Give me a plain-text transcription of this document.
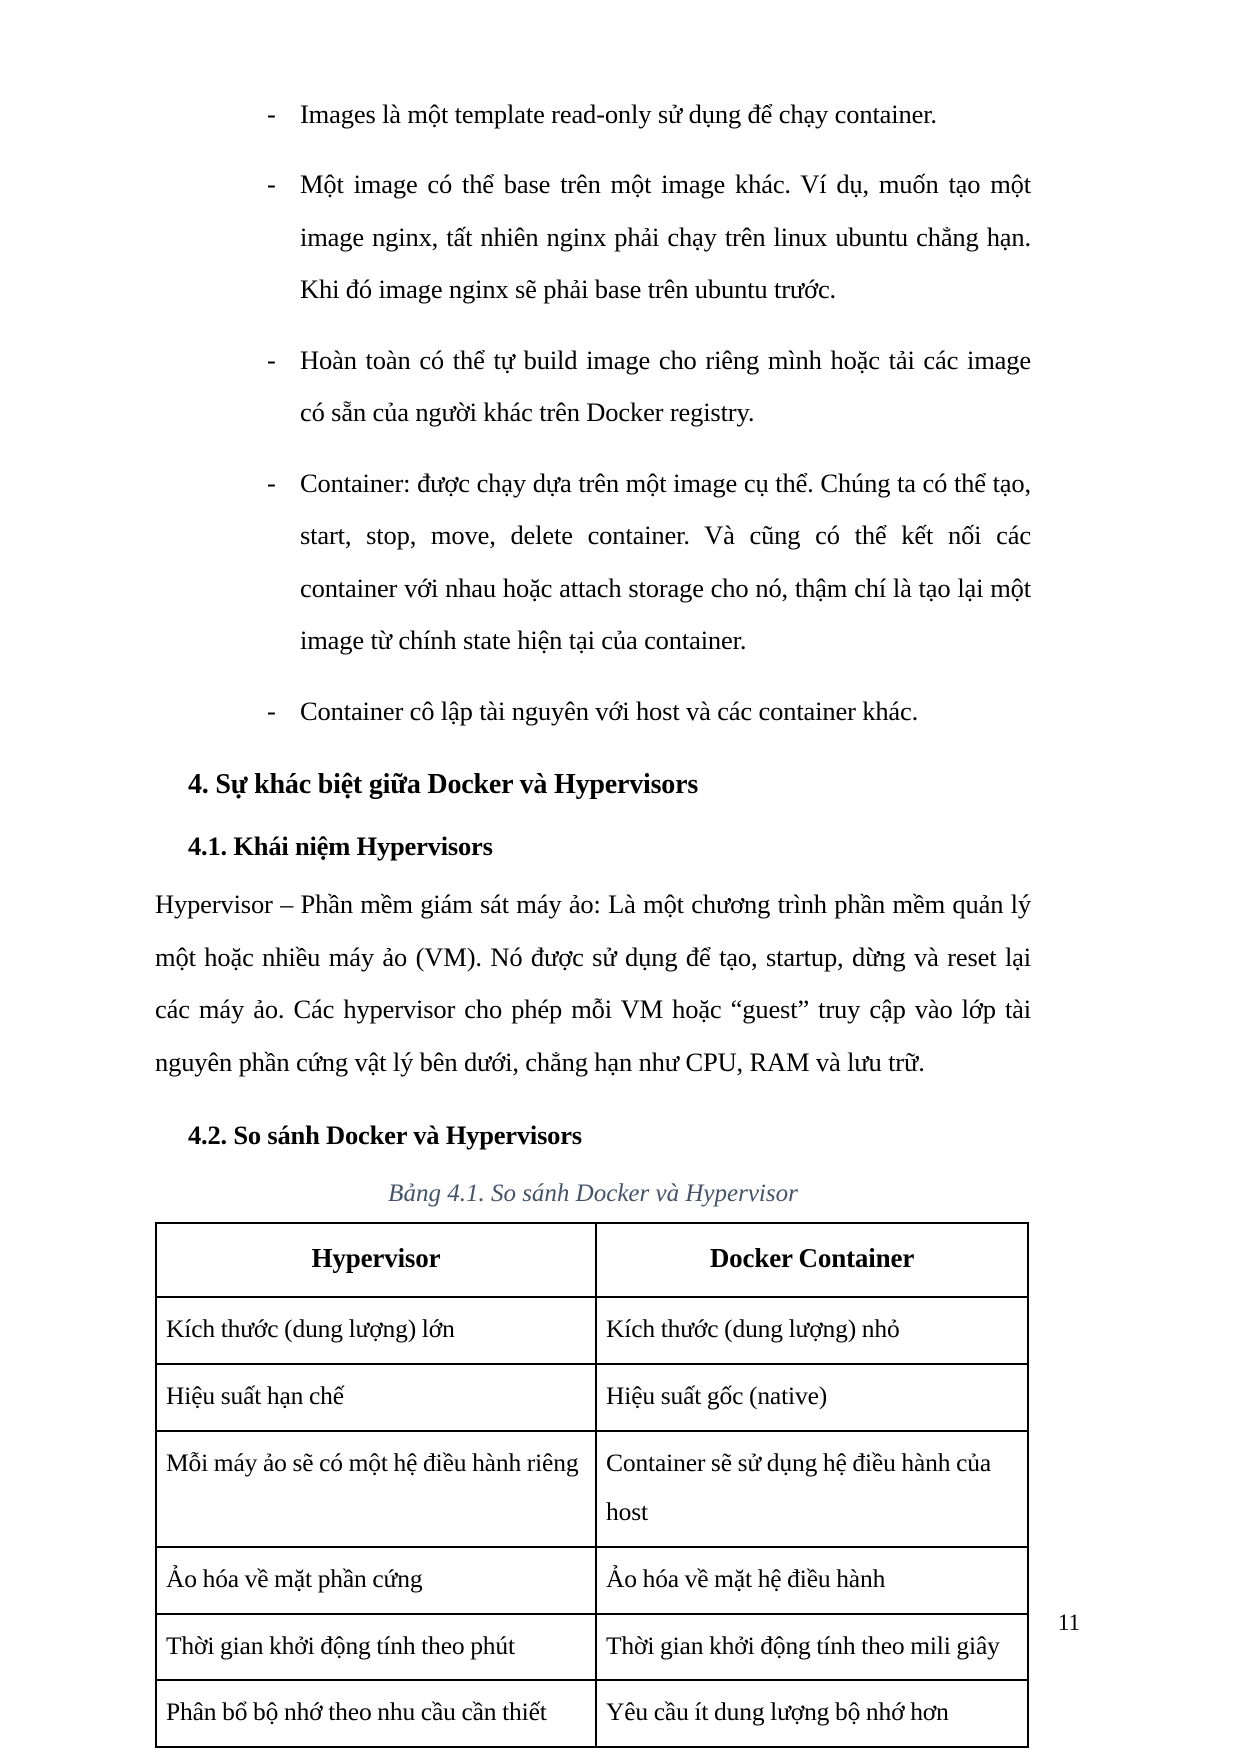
- Images là một template read-only sử dụng để chạy container.
- Một image có thể base trên một image khác. Ví dụ, muốn tạo một image nginx, tất nhiên nginx phải chạy trên linux ubuntu chẳng hạn. Khi đó image nginx sẽ phải base trên ubuntu trước.
- Hoàn toàn có thể tự build image cho riêng mình hoặc tải các image có sẵn của người khác trên Docker registry.
- Container: được chạy dựa trên một image cụ thể. Chúng ta có thể tạo, start, stop, move, delete container. Và cũng có thể kết nối các container với nhau hoặc attach storage cho nó, thậm chí là tạo lại một image từ chính state hiện tại của container.
- Container cô lập tài nguyên với host và các container khác.
4. Sự khác biệt giữa Docker và Hypervisors
4.1. Khái niệm Hypervisors

Hypervisor – Phần mềm giám sát máy ảo: Là một chương trình phần mềm quản lý một hoặc nhiều máy ảo (VM). Nó được sử dụng để tạo, startup, dừng và reset lại các máy ảo. Các hypervisor cho phép mỗi VM hoặc “guest” truy cập vào lớp tài nguyên phần cứng vật lý bên dưới, chẳng hạn như CPU, RAM và lưu trữ.

4.2. So sánh Docker và Hypervisors
Bảng 4.1. So sánh Docker và Hypervisor
Hypervisor	Docker Container
Kích thước (dung lượng) lớn	Kích thước (dung lượng) nhỏ
Hiệu suất hạn chế	Hiệu suất gốc (native)
Mỗi máy ảo sẽ có một hệ điều hành riêng	Container sẽ sử dụng hệ điều hành của host
Ảo hóa về mặt phần cứng	Ảo hóa về mặt hệ điều hành
Thời gian khởi động tính theo phút	Thời gian khởi động tính theo mili giây
Phân bổ bộ nhớ theo nhu cầu cần thiết	Yêu cầu ít dung lượng bộ nhớ hơn
11
